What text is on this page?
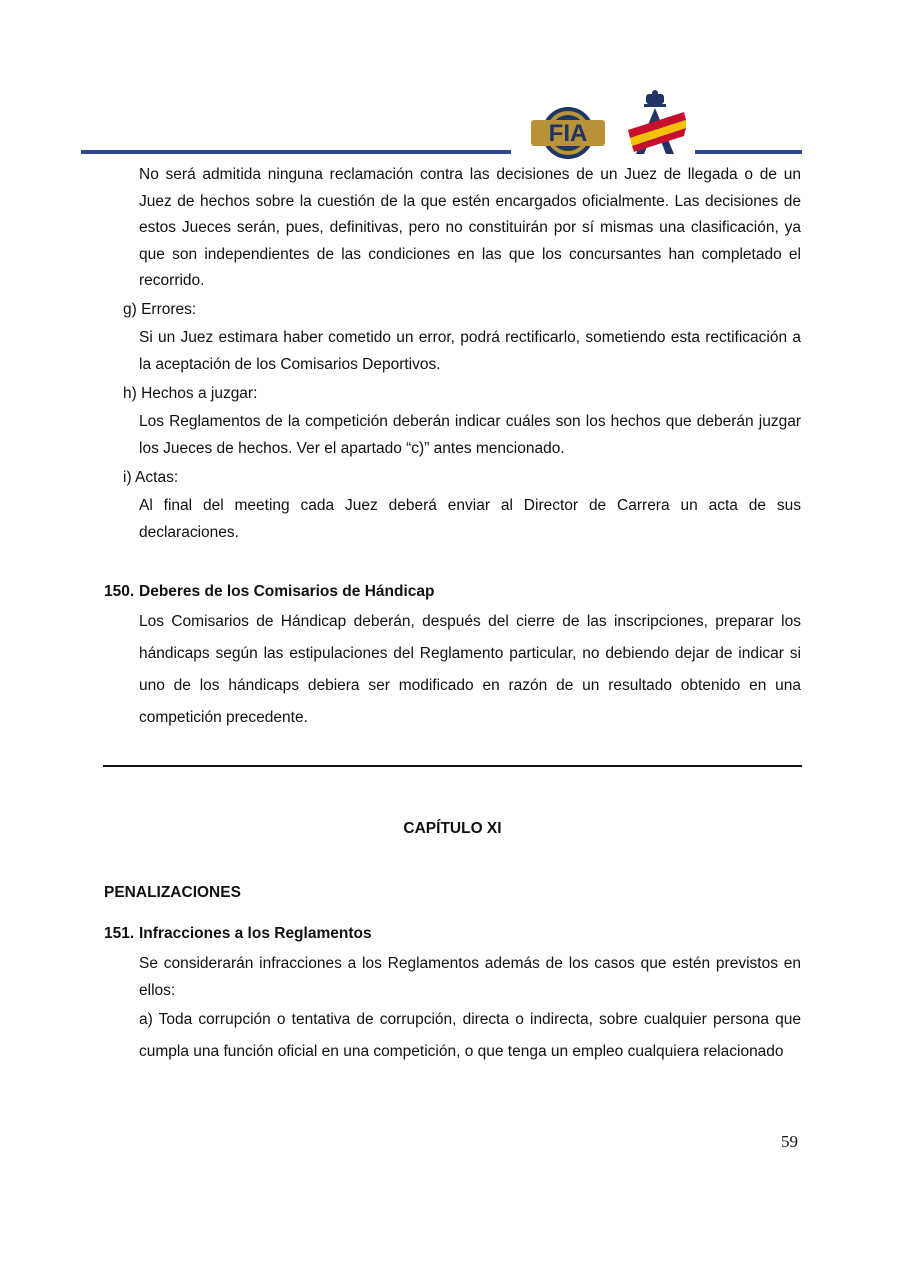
FIA

No será admitida ninguna reclamación contra las decisiones de un Juez de llegada o de un Juez de hechos sobre la cuestión de la que estén encargados oficialmente. Las decisiones de estos Jueces serán, pues, definitivas, pero no constituirán por sí mismas una clasificación, ya que son independientes de las condiciones en las que los concursantes han completado el recorrido.

g) Errores:

Si un Juez estimara haber cometido un error, podrá rectificarlo, sometiendo esta rectificación a la aceptación de los Comisarios Deportivos.

h) Hechos a juzgar:

Los Reglamentos de la competición deberán indicar cuáles son los hechos que deberán juzgar los Jueces de hechos. Ver el apartado “c)” antes mencionado.

i) Actas:

Al final del meeting cada Juez deberá enviar al Director de Carrera un acta de sus declaraciones.

150. Deberes de los Comisarios de Hándicap

Los Comisarios de Hándicap deberán, después del cierre de las inscripciones, preparar los hándicaps según las estipulaciones del Reglamento particular, no debiendo dejar de indicar si uno de los hándicaps debiera ser modificado en razón de un resultado obtenido en una competición precedente.

CAPÍTULO XI

PENALIZACIONES

151. Infracciones a los Reglamentos

Se considerarán infracciones a los Reglamentos además de los casos que estén previstos en ellos:

a) Toda corrupción o tentativa de corrupción, directa o indirecta, sobre cualquier persona que cumpla una función oficial en una competición, o que tenga un empleo cualquiera relacionado

59
